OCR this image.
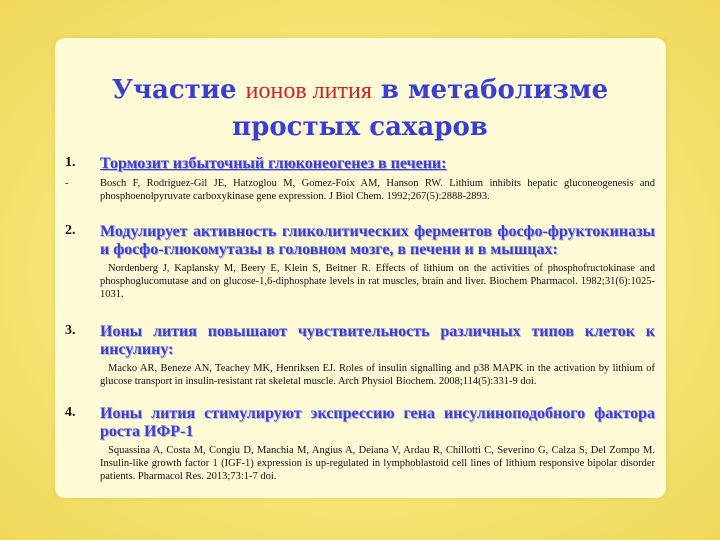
Участие ионов лития в метаболизме простых сахаров
1. Тормозит избыточный глюконеогенез в печени:
-	Bosch F, Rodriguez-Gil JE, Hatzoglou M, Gomez-Foix AM, Hanson RW. Lithium inhibits hepatic gluconeogenesis and phosphoenolpyruvate carboxykinase gene expression. J Biol Chem. 1992;267(5):2888-2893.
2. Модулирует активность гликолитических ферментов фосфо-фруктокиназы и фосфо-глюкомутазы в головном мозге, в печени и в мышцах:
Nordenberg J, Kaplansky M, Beery E, Klein S, Beitner R. Effects of lithium on the activities of phosphofructokinase and phosphoglucomutase and on glucose-1,6-diphosphate levels in rat muscles, brain and liver. Biochem Pharmacol. 1982;31(6):1025-1031.
3. Ионы лития повышают чувствительность различных типов клеток к инсулину:
Macko AR, Beneze AN, Teachey MK, Henriksen EJ. Roles of insulin signalling and p38 MAPK in the activation by lithium of glucose transport in insulin-resistant rat skeletal muscle. Arch Physiol Biochem. 2008;114(5):331-9 doi.
4. Ионы лития стимулируют экспрессию гена инсулиноподобного фактора роста ИФР-1
Squassina A, Costa M, Congiu D, Manchia M, Angius A, Deiana V, Ardau R, Chillotti C, Severino G, Calza S, Del Zompo M. Insulin-like growth factor 1 (IGF-1) expression is up-regulated in lymphoblastoid cell lines of lithium responsive bipolar disorder patients. Pharmacol Res. 2013;73:1-7 doi.
